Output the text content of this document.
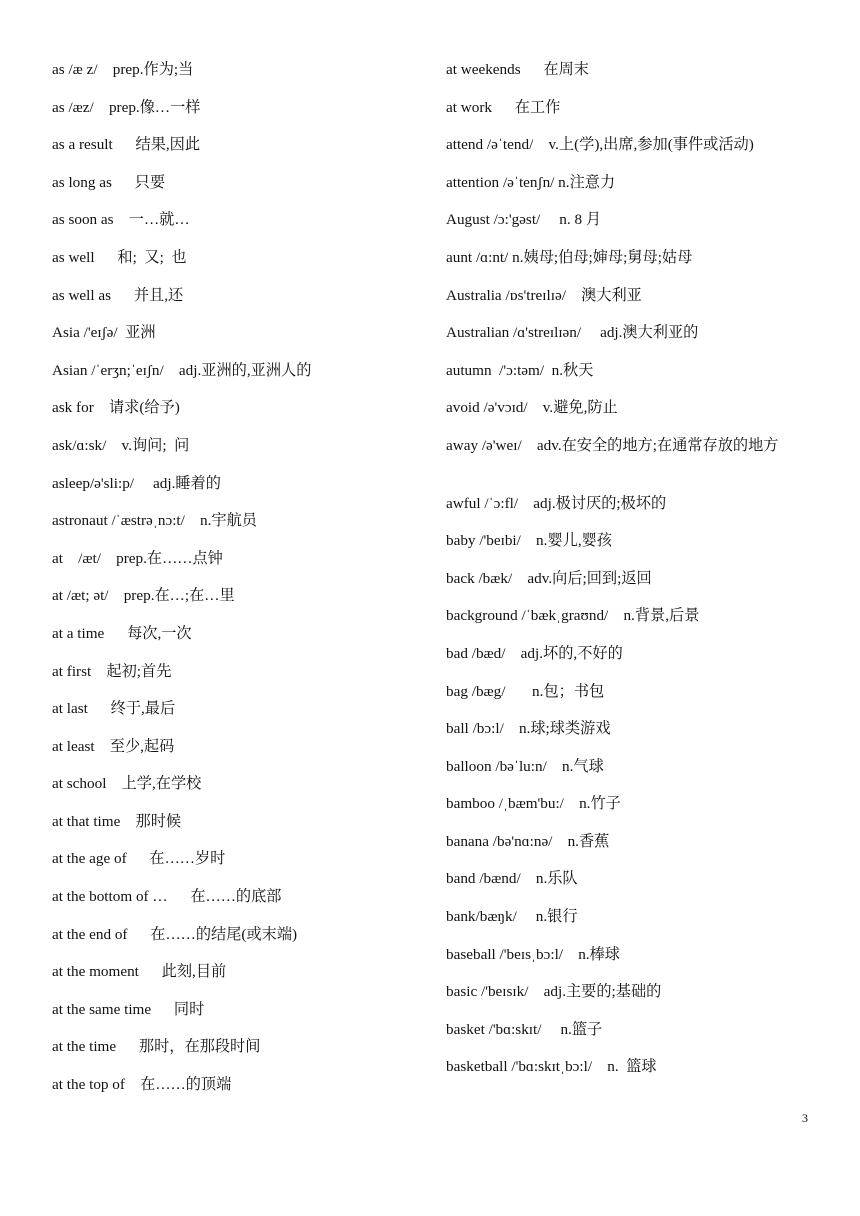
as /æ z/    prep.作为;当

as /æz/    prep.像…一样

as a result      结果,因此

as long as      只要

as soon as    一…就…

as well      和;  又;  也

as well as      并且,还

Asia /'eɪʃə/  亚洲

Asian /ˈerʒn;ˈeɪʃn/    adj.亚洲的,亚洲人的

ask for    请求(给予)

ask/ɑ:sk/    v.询问;  问

asleep/ə'sli:p/     adj.睡着的

astronaut /ˈæstrəˌnɔ:t/    n.宇航员

at    /æt/    prep.在……点钟

at /æt; ət/    prep.在…;在…里

at a time      每次,一次

at first    起初;首先

at last      终于,最后

at least    至少,起码

at school    上学,在学校

at that time    那时候

at the age of      在……岁时

at the bottom of …      在……的底部

at the end of      在……的结尾(或末端)

at the moment      此刻,目前

at the same time      同时

at the time      那时，在那段时间

at the top of    在……的顶端

at weekends      在周末

at work      在工作

attend /əˈtend/    v.上(学),出席,参加(事件或活动)

attention /əˈtenʃn/ n.注意力

August /ɔ:'gəst/     n. 8 月

aunt /ɑ:nt/ n.姨母;伯母;婶母;舅母;姑母

Australia /ɒs'treɪlɪə/    澳大利亚

Australian /ɑ'streɪlɪən/     adj.澳大利亚的

autumn  /'ɔ:təm/  n.秋天

avoid /ə'vɔɪd/    v.避免,防止

away /ə'weɪ/    adv.在安全的地方;在通常存放的地方

awful /ˈɔ:fl/    adj.极讨厌的;极坏的

baby /'beɪbi/    n.婴儿,婴孩

back /bæk/    adv.向后;回到;返回

background /ˈbækˌgraʊnd/    n.背景,后景

bad /bæd/    adj.坏的,不好的

bag /bæg/       n.包；书包

ball /bɔ:l/    n.球;球类游戏

balloon /bəˈlu:n/    n.气球

bamboo /ˌbæm'bu:/    n.竹子

banana /bə'nɑ:nə/    n.香蕉

band /bænd/    n.乐队

bank/bæŋk/     n.银行

baseball /'beɪsˌbɔ:l/    n.棒球

basic /'beɪsɪk/    adj.主要的;基础的

basket /'bɑ:skɪt/     n.篮子

basketball /'bɑ:skɪtˌbɔ:l/    n.  篮球

3
